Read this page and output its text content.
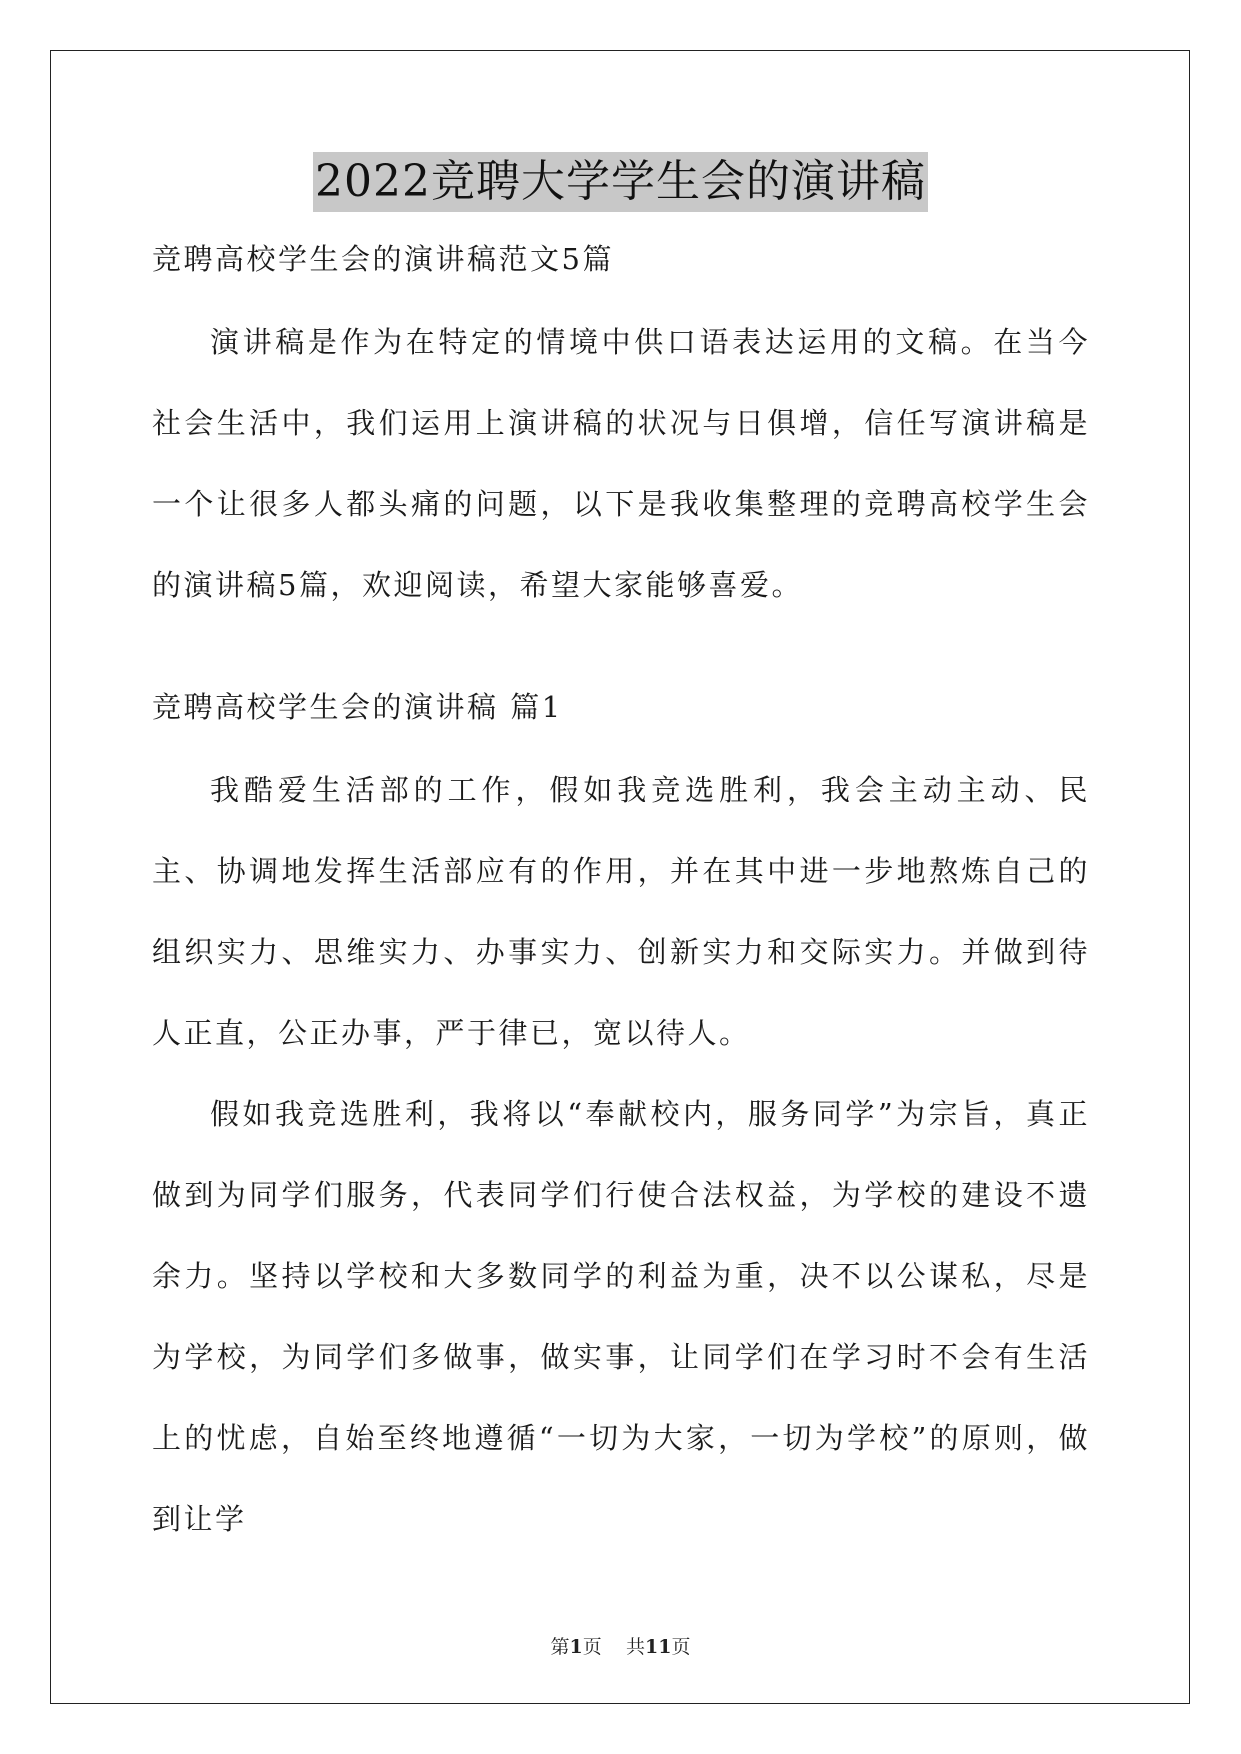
2022竞聘大学学生会的演讲稿

竞聘高校学生会的演讲稿范文5篇

演讲稿是作为在特定的情境中供口语表达运用的文稿。在当今社会生活中，我们运用上演讲稿的状况与日俱增，信任写演讲稿是一个让很多人都头痛的问题，以下是我收集整理的竞聘高校学生会的演讲稿5篇，欢迎阅读，希望大家能够喜爱。

竞聘高校学生会的演讲稿 篇1

我酷爱生活部的工作，假如我竞选胜利，我会主动主动、民主、协调地发挥生活部应有的作用，并在其中进一步地熬炼自己的组织实力、思维实力、办事实力、创新实力和交际实力。并做到待人正直，公正办事，严于律已，宽以待人。

假如我竞选胜利，我将以“奉献校内，服务同学”为宗旨，真正做到为同学们服务，代表同学们行使合法权益，为学校的建设不遗余力。坚持以学校和大多数同学的利益为重，决不以公谋私，尽是为学校，为同学们多做事，做实事，让同学们在学习时不会有生活上的忧虑，自始至终地遵循“一切为大家，一切为学校”的原则，做到让学

第1页 共11页
